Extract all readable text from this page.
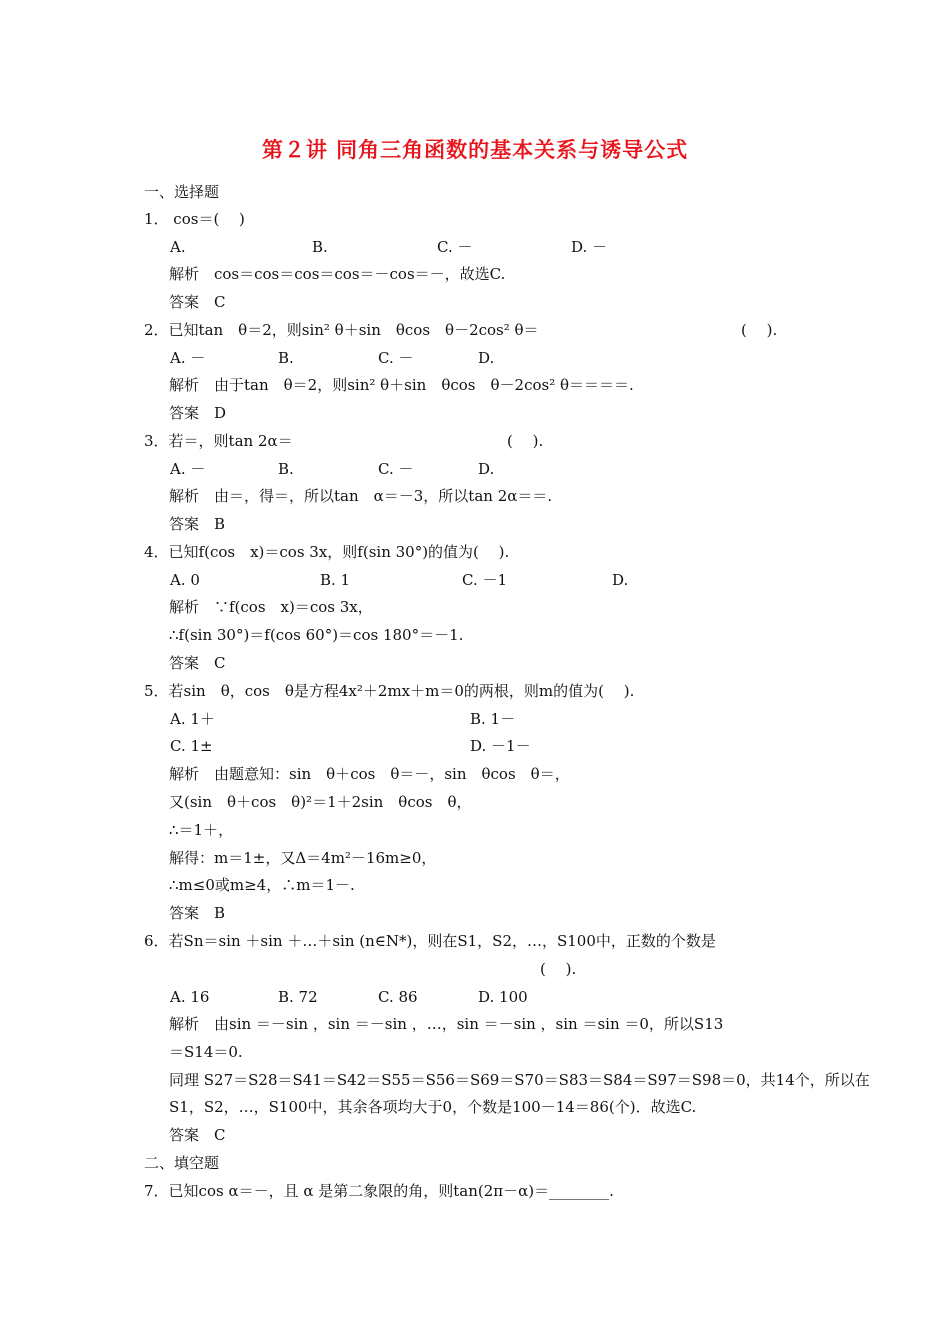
第２讲 同角三角函数的基本关系与诱导公式
一、选择题
1． cos＝(　 )
A.	B.	C. －	D. －
解析　cos＝cos＝cos＝cos＝－cos＝－，故选C.
答案　C
2．已知tan　θ＝2，则sin² θ＋sin　θcos　θ－2cos² θ＝	(　 ).
A. －	B.	C. －	D.
解析　由于tan　θ＝2，则sin² θ＋sin　θcos　θ－2cos² θ＝＝＝＝.
答案　D
3．若＝，则tan 2α＝	(　 ).
A. －	B.	C. －	D.
解析　由＝，得＝，所以tan　α＝－3，所以tan 2α＝＝.
答案　B
4．已知f(cos　x)＝cos 3x，则f(sin 30°)的值为(　 ).
A. 0	B. 1	C. －1	D.
解析　∵f(cos　x)＝cos 3x，
∴f(sin 30°)＝f(cos 60°)＝cos 180°＝－1.
答案　C
5．若sin　θ，cos　θ是方程4x²＋2mx＋m＝0的两根，则m的值为(　 ).
A. 1＋	B. 1－
C. 1±	D. －1－
解析　由题意知：sin　θ＋cos　θ＝－，sin　θcos　θ＝，
又(sin　θ＋cos　θ)²＝1＋2sin　θcos　θ，
∴＝1＋，
解得：m＝1±，又Δ＝4m²－16m≥0，
∴m≤0或m≥4，∴m＝1－.
答案　B
6．若Sn＝sin ＋sin ＋…＋sin (n∈N*)，则在S1，S2，…，S100中，正数的个数是
(　 ).
A. 16	B. 72	C. 86	D. 100
解析　由sin ＝－sin ，sin ＝－sin ，…，sin ＝－sin ，sin ＝sin ＝0，所以S13
＝S14＝0.
同理 S27＝S28＝S41＝S42＝S55＝S56＝S69＝S70＝S83＝S84＝S97＝S98＝0，共14个，所以在
S1，S2，…，S100中，其余各项均大于0，个数是100－14＝86(个)．故选C.
答案　C
二、填空题
7．已知cos α＝－，且 α 是第二象限的角，则tan(2π－α)＝________.
